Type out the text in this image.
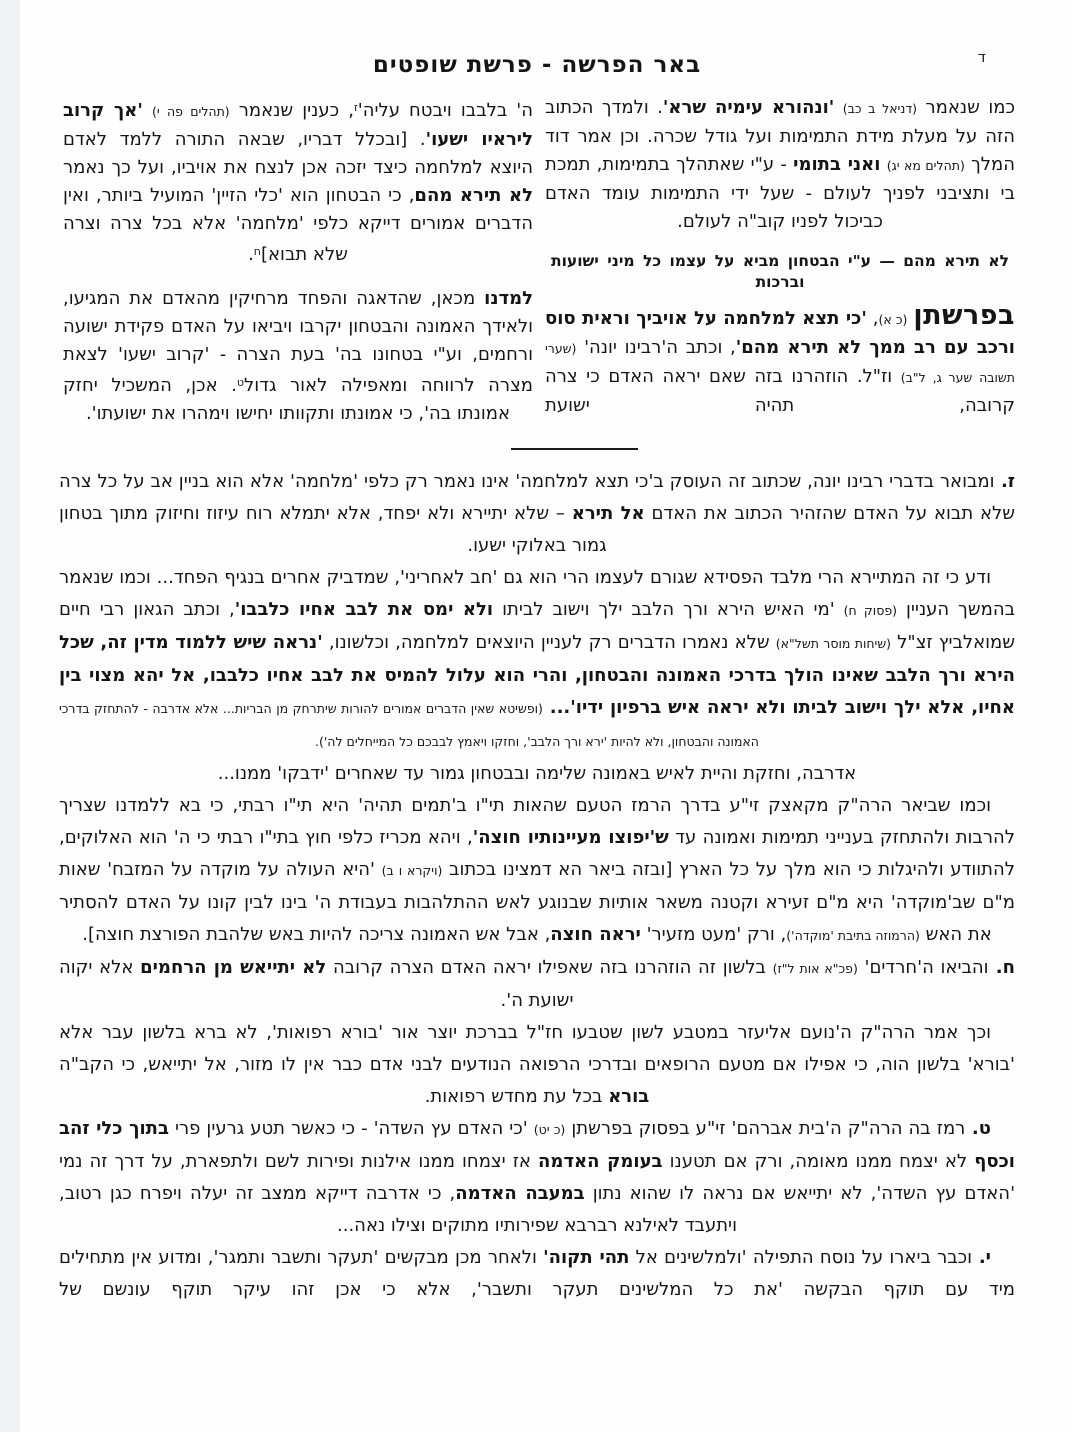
ד
באר הפרשה - פרשת שופטים

כמו שנאמר (דניאל ב כב) 'ונהורא עימיה שרא'. ולמדך הכתוב הזה על מעלת מידת התמימות ועל גודל שכרה. וכן אמר דוד המלך (תהלים מא יג) ואני בתומי - ע"י שאתהלך בתמימות, תמכת בי ותציבני לפניך לעולם - שעל ידי התמימות עומד האדם כביכול לפניו קוב"ה לעולם.

לא תירא מהם — ע"י הבטחון מביא על עצמו כל מיני ישועות וברכות

בפרשתן (כ א), 'כי תצא למלחמה על אויביך וראית סוס ורכב עם רב ממך לא תירא מהם', וכתב ה'רבינו יונה' (שערי תשובה שער ג, ל"ב) וז"ל. הוזהרנו בזה שאם יראה האדם כי צרה קרובה, תהיה ישועת

ה' בלבבו ויבטח $עליה'^ז$, כענין שנאמר (תהלים פה י) 'אך קרוב ליראיו ישעו'. [ובכלל דבריו, שבאה התורה ללמד לאדם היוצא למלחמה כיצד יזכה אכן לנצח את אויביו, ועל כך נאמר לא תירא מהם, כי הבטחון הוא 'כלי הזיין' המועיל ביותר, ואין הדברים אמורים דייקא כלפי 'מלחמה' אלא בכל צרה וצרה שלא תבוא]$^ח$.

למדנו מכאן, שהדאגה והפחד מרחיקין מהאדם את המגיעו, ולאידך האמונה והבטחון יקרבו ויביאו על האדם פקידת ישועה ורחמים, וע"י בטחונו בה' בעת הצרה - 'קרוב ישעו' לצאת מצרה לרווחה ומאפילה לאור גדול$^ט$. אכן, המשכיל יחזק אמונתו בה', כי אמונתו ותקוותו יחישו וימהרו את ישועתו'.

ז. ומבואר בדברי רבינו יונה, שכתוב זה העוסק ב'כי תצא למלחמה' אינו נאמר רק כלפי 'מלחמה' אלא הוא בניין אב על כל צרה שלא תבוא על האדם שהזהיר הכתוב את האדם אל תירא – שלא יתיירא ולא יפחד, אלא יתמלא רוח עיזוז וחיזוק מתוך בטחון גמור באלוקי ישעו.

ודע כי זה המתיירא הרי מלבד הפסידא שגורם לעצמו הרי הוא גם 'חב לאחריני', שמדביק אחרים בנגיף הפחד... וכמו שנאמר בהמשך העניין (פסוק ח) 'מי האיש הירא ורך הלבב ילך וישוב לביתו ולא ימס את לבב אחיו כלבבו', וכתב הגאון רבי חיים שמואלביץ זצ"ל (שיחות מוסר תשל"א) שלא נאמרו הדברים רק לעניין היוצאים למלחמה, וכלשונו, 'נראה שיש ללמוד מדין זה, שכל הירא ורך הלבב שאינו הולך בדרכי האמונה והבטחון, והרי הוא עלול להמיס את לבב אחיו כלבבו, אל יהא מצוי בין אחיו, אלא ילך וישוב לביתו ולא יראה איש ברפיון ידיו'... (ופשיטא שאין הדברים אמורים להורות שיתרחק מן הבריות... אלא אדרבה - להתחזק בדרכי האמונה והבטחון, ולא להיות 'ירא ורך הלבב', וחזקו ויאמץ לבבכם כל המייחלים לה').

אדרבה, וחזקת והיית לאיש באמונה שלימה ובבטחון גמור עד שאחרים 'ידבקו' ממנו...

וכמו שביאר הרה"ק מקאצק זי"ע בדרך הרמז הטעם שהאות תי"ו ב'תמים תהיה' היא תי"ו רבתי, כי בא ללמדנו שצריך להרבות ולהתחזק בענייני תמימות ואמונה עד ש'יפוצו מעיינותיו חוצה', ויהא מכריז כלפי חוץ בתי"ו רבתי כי ה' הוא האלוקים, להתוודע ולהיגלות כי הוא מלך על כל הארץ [ובזה ביאר הא דמצינו בכתוב (ויקרא ו ב) 'היא העולה על מוקדה על המזבח' שאות מ"ם שב'מוקדה' היא מ"ם זעירא וקטנה משאר אותיות שבנוגע לאש ההתלהבות בעבודת ה' בינו לבין קונו על האדם להסתיר את האש (הרמוזה בתיבת 'מוקדה'), ורק 'מעט מזעיר' יראה חוצה, אבל אש האמונה צריכה להיות באש שלהבת הפורצת חוצה].

ח. והביאו ה'חרדים' (פכ"א אות ל"ז) בלשון זה הוזהרנו בזה שאפילו יראה האדם הצרה קרובה לא יתייאש מן הרחמים אלא יקוה ישועת ה'.

וכך אמר הרה"ק ה'נועם אליעזר במטבע לשון שטבעו חז"ל בברכת יוצר אור 'בורא רפואות', לא ברא בלשון עבר אלא 'בורא' בלשון הוה, כי אפילו אם מטעם הרופאים ובדרכי הרפואה הנודעים לבני אדם כבר אין לו מזור, אל יתייאש, כי הקב"ה בורא בכל עת מחדש רפואות.

ט. רמז בה הרה"ק ה'בית אברהם' זי"ע בפסוק בפרשתן (כ יט) 'כי האדם עץ השדה' - כי כאשר תטע גרעין פרי בתוך כלי זהב וכסף לא יצמח ממנו מאומה, ורק אם תטענו בעומק האדמה אז יצמחו ממנו אילנות ופירות לשם ולתפארת, על דרך זה נמי 'האדם עץ השדה', לא יתייאש אם נראה לו שהוא נתון במעבה האדמה, כי אדרבה דייקא ממצב זה יעלה ויפרח כגן רטוב, ויתעבד לאילנא רברבא שפירותיו מתוקים וצילו נאה...

י. וכבר ביארו על נוסח התפילה 'ולמלשינים אל תהי תקוה' ולאחר מכן מבקשים 'תעקר ותשבר ותמגר', ומדוע אין מתחילים מיד עם תוקף הבקשה 'את כל המלשינים תעקר ותשבר', אלא כי אכן זהו עיקר תוקף עונשם של
